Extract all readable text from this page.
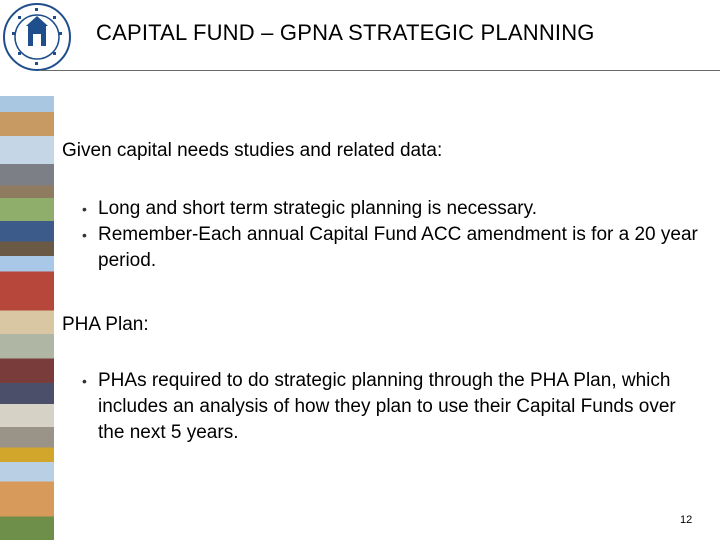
CAPITAL FUND – GPNA STRATEGIC PLANNING

Given capital needs studies and related data:

• Long and short term strategic planning is necessary.
• Remember-Each annual Capital Fund ACC amendment is for a 20 year period.

PHA Plan:

• PHAs required to do strategic planning through the PHA Plan, which includes an analysis of how they plan to use their Capital Funds over the next 5 years.
12
